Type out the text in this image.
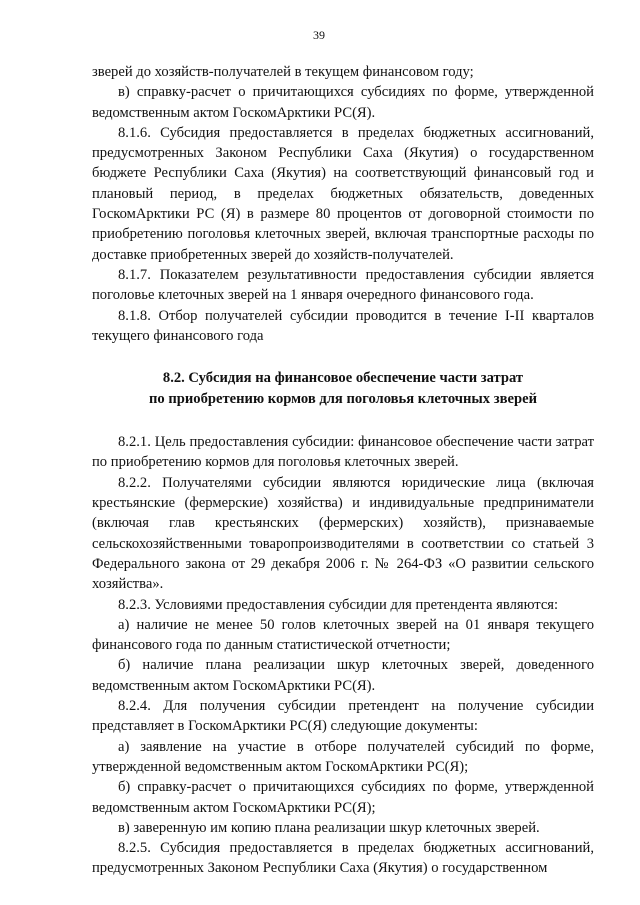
39

зверей до хозяйств-получателей в текущем финансовом году;

в) справку-расчет о причитающихся субсидиях по форме, утвержденной ведомственным актом ГоскомАрктики РС(Я).

8.1.6. Субсидия предоставляется в пределах бюджетных ассигнований, предусмотренных Законом Республики Саха (Якутия) о государственном бюджете Республики Саха (Якутия) на соответствующий финансовый год и плановый период, в пределах бюджетных обязательств, доведенных ГоскомАрктики РС (Я) в размере 80 процентов от договорной стоимости по приобретению поголовья клеточных зверей, включая транспортные расходы по доставке приобретенных зверей до хозяйств-получателей.

8.1.7. Показателем результативности предоставления субсидии является поголовье клеточных зверей на 1 января очередного финансового года.

8.1.8. Отбор получателей субсидии проводится в течение I-II кварталов текущего финансового года

8.2. Субсидия на финансовое обеспечение части затрат
по приобретению кормов для поголовья клеточных зверей

8.2.1. Цель предоставления субсидии: финансовое обеспечение части затрат по приобретению кормов для поголовья клеточных зверей.

8.2.2. Получателями субсидии являются юридические лица (включая крестьянские (фермерские) хозяйства) и индивидуальные предприниматели (включая глав крестьянских (фермерских) хозяйств), признаваемые сельскохозяйственными товаропроизводителями в соответствии со статьей 3 Федерального закона от 29 декабря 2006 г. № 264-ФЗ «О развитии сельского хозяйства».

8.2.3. Условиями предоставления субсидии для претендента являются:

а) наличие не менее 50 голов клеточных зверей на 01 января текущего финансового года по данным статистической отчетности;

б) наличие плана реализации шкур клеточных зверей, доведенного ведомственным актом ГоскомАрктики РС(Я).

8.2.4. Для получения субсидии претендент на получение субсидии представляет в ГоскомАрктики РС(Я) следующие документы:

а) заявление на участие в отборе получателей субсидий по форме, утвержденной ведомственным актом ГоскомАрктики РС(Я);

б) справку-расчет о причитающихся субсидиях по форме, утвержденной ведомственным актом ГоскомАрктики РС(Я);

в) заверенную им копию плана реализации шкур клеточных зверей.

8.2.5. Субсидия предоставляется в пределах бюджетных ассигнований, предусмотренных Законом Республики Саха (Якутия) о государственном
